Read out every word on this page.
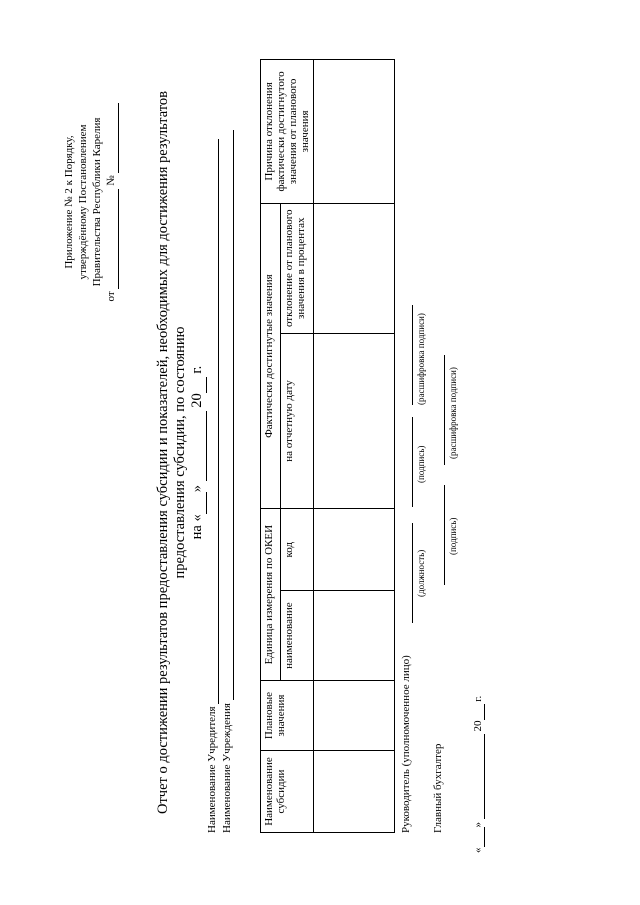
Приложение № 2 к Порядку, утверждённому Постановлением Правительства Республики Карелия
от   №	Отчет о достижении результатов предоставления субсидии и показателей, необходимых для достижения результатов предоставления субсидии, по состоянию на « »   20  г.
Наименование Учредителя Наименование Учреждения	Наименование субсидии	Плановые значения	Единица измерения по ОКЕИ		Фактически достигнутые значения		Причина отклонения фактически достигнутого значения от планового значения
		наименование	код	на отчетную дату	отклонение от планового значения в процентах	

Руководитель (уполномоченное лицо)
(должность)
(подпись)
(расшифровка подписи)
Главный бухгалтер
(подпись)
(расшифровка подписи)
« »   20  г.
